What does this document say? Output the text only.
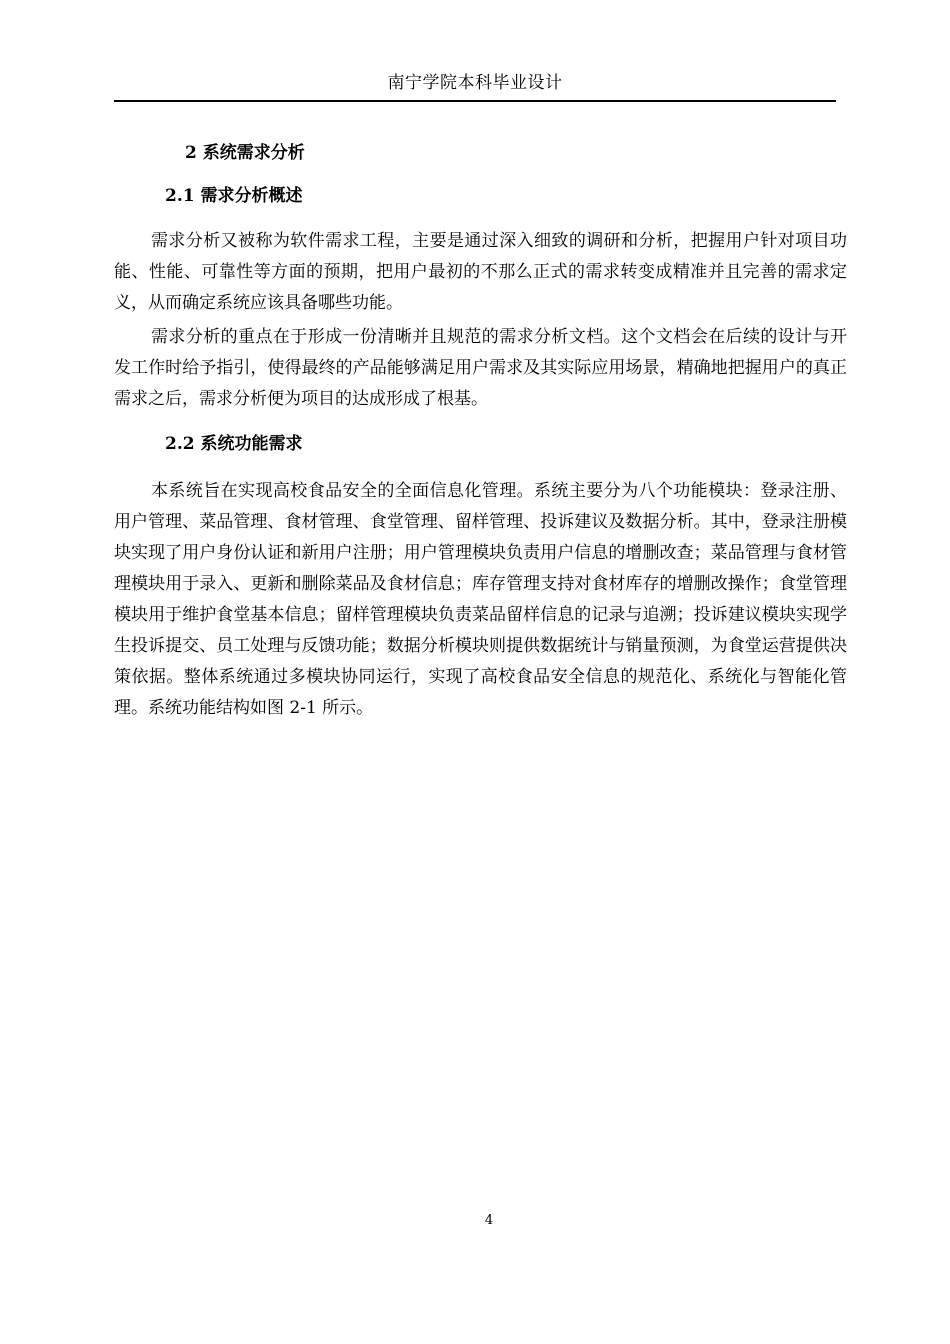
南宁学院本科毕业设计
2 系统需求分析
2.1 需求分析概述

需求分析又被称为软件需求工程，主要是通过深入细致的调研和分析，把握用户针对项目功能、性能、可靠性等方面的预期，把用户最初的不那么正式的需求转变成精准并且完善的需求定义，从而确定系统应该具备哪些功能。

需求分析的重点在于形成一份清晰并且规范的需求分析文档。这个文档会在后续的设计与开发工作时给予指引，使得最终的产品能够满足用户需求及其实际应用场景，精确地把握用户的真正需求之后，需求分析便为项目的达成形成了根基。

2.2 系统功能需求

本系统旨在实现高校食品安全的全面信息化管理。系统主要分为八个功能模块：登录注册、用户管理、菜品管理、食材管理、食堂管理、留样管理、投诉建议及数据分析。其中，登录注册模块实现了用户身份认证和新用户注册；用户管理模块负责用户信息的增删改查；菜品管理与食材管理模块用于录入、更新和删除菜品及食材信息；库存管理支持对食材库存的增删改操作；食堂管理模块用于维护食堂基本信息；留样管理模块负责菜品留样信息的记录与追溯；投诉建议模块实现学生投诉提交、员工处理与反馈功能；数据分析模块则提供数据统计与销量预测，为食堂运营提供决策依据。整体系统通过多模块协同运行，实现了高校食品安全信息的规范化、系统化与智能化管理。系统功能结构如图 2-1 所示。

4
